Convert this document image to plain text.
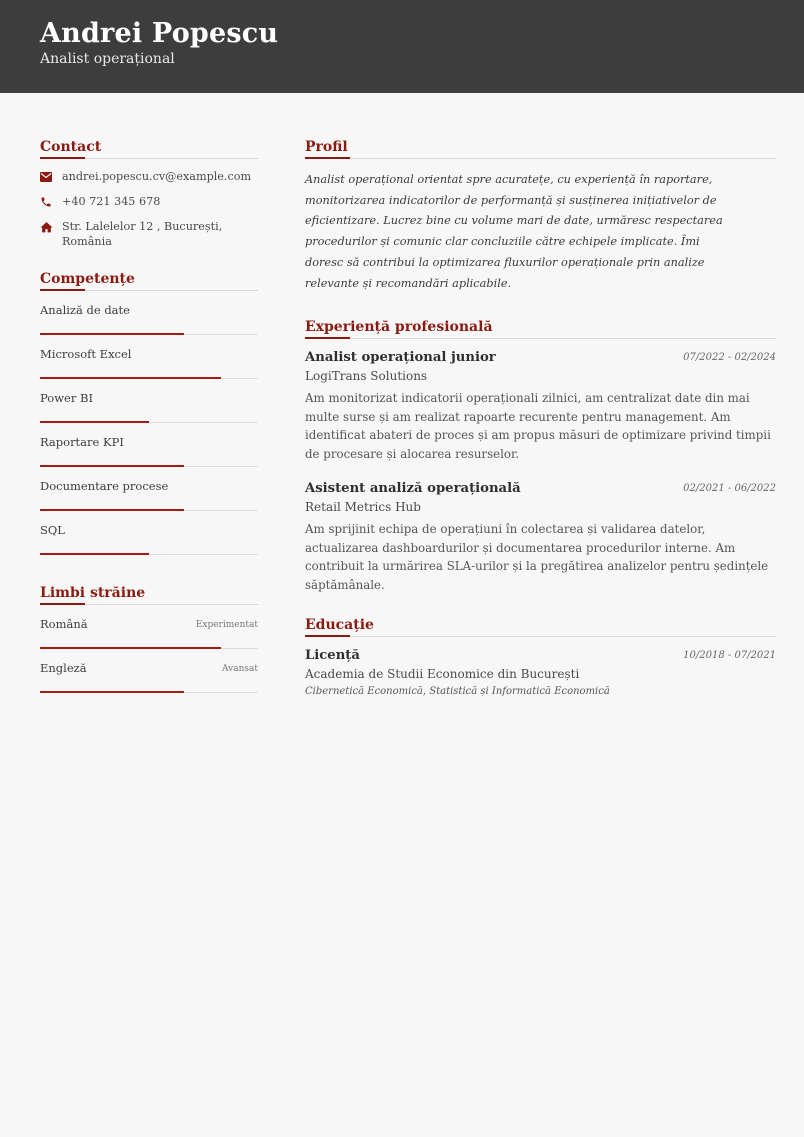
Andrei Popescu
Analist operațional
Contact
andrei.popescu.cv@example.com
+40 721 345 678
Str. Lalelelor 12 , București, România
Competențe
Analiză de date
Microsoft Excel
Power BI
Raportare KPI
Documentare procese
SQL
Limbi străine
Română	Experimentat
Engleză	Avansat
Profil

Analist operațional orientat spre acuratețe, cu experiență în raportare, monitorizarea indicatorilor de performanță și susținerea inițiativelor de eficientizare. Lucrez bine cu volume mari de date, urmăresc respectarea procedurilor și comunic clar concluziile către echipele implicate. Îmi doresc să contribui la optimizarea fluxurilor operaționale prin analize relevante și recomandări aplicabile.

Experiență profesională
Analist operațional junior	07/2022 - 02/2024
LogiTrans Solutions
Am monitorizat indicatorii operaționali zilnici, am centralizat date din mai multe surse și am realizat rapoarte recurente pentru management. Am identificat abateri de proces și am propus măsuri de optimizare privind timpii de procesare și alocarea resurselor.
Asistent analiză operațională	02/2021 - 06/2022
Retail Metrics Hub
Am sprijinit echipa de operațiuni în colectarea și validarea datelor, actualizarea dashboardurilor și documentarea procedurilor interne. Am contribuit la urmărirea SLA-urilor și la pregătirea analizelor pentru ședințele săptămânale.
Educație
Licență	10/2018 - 07/2021
Academia de Studii Economice din București
Cibernetică Economică, Statistică și Informatică Economică
